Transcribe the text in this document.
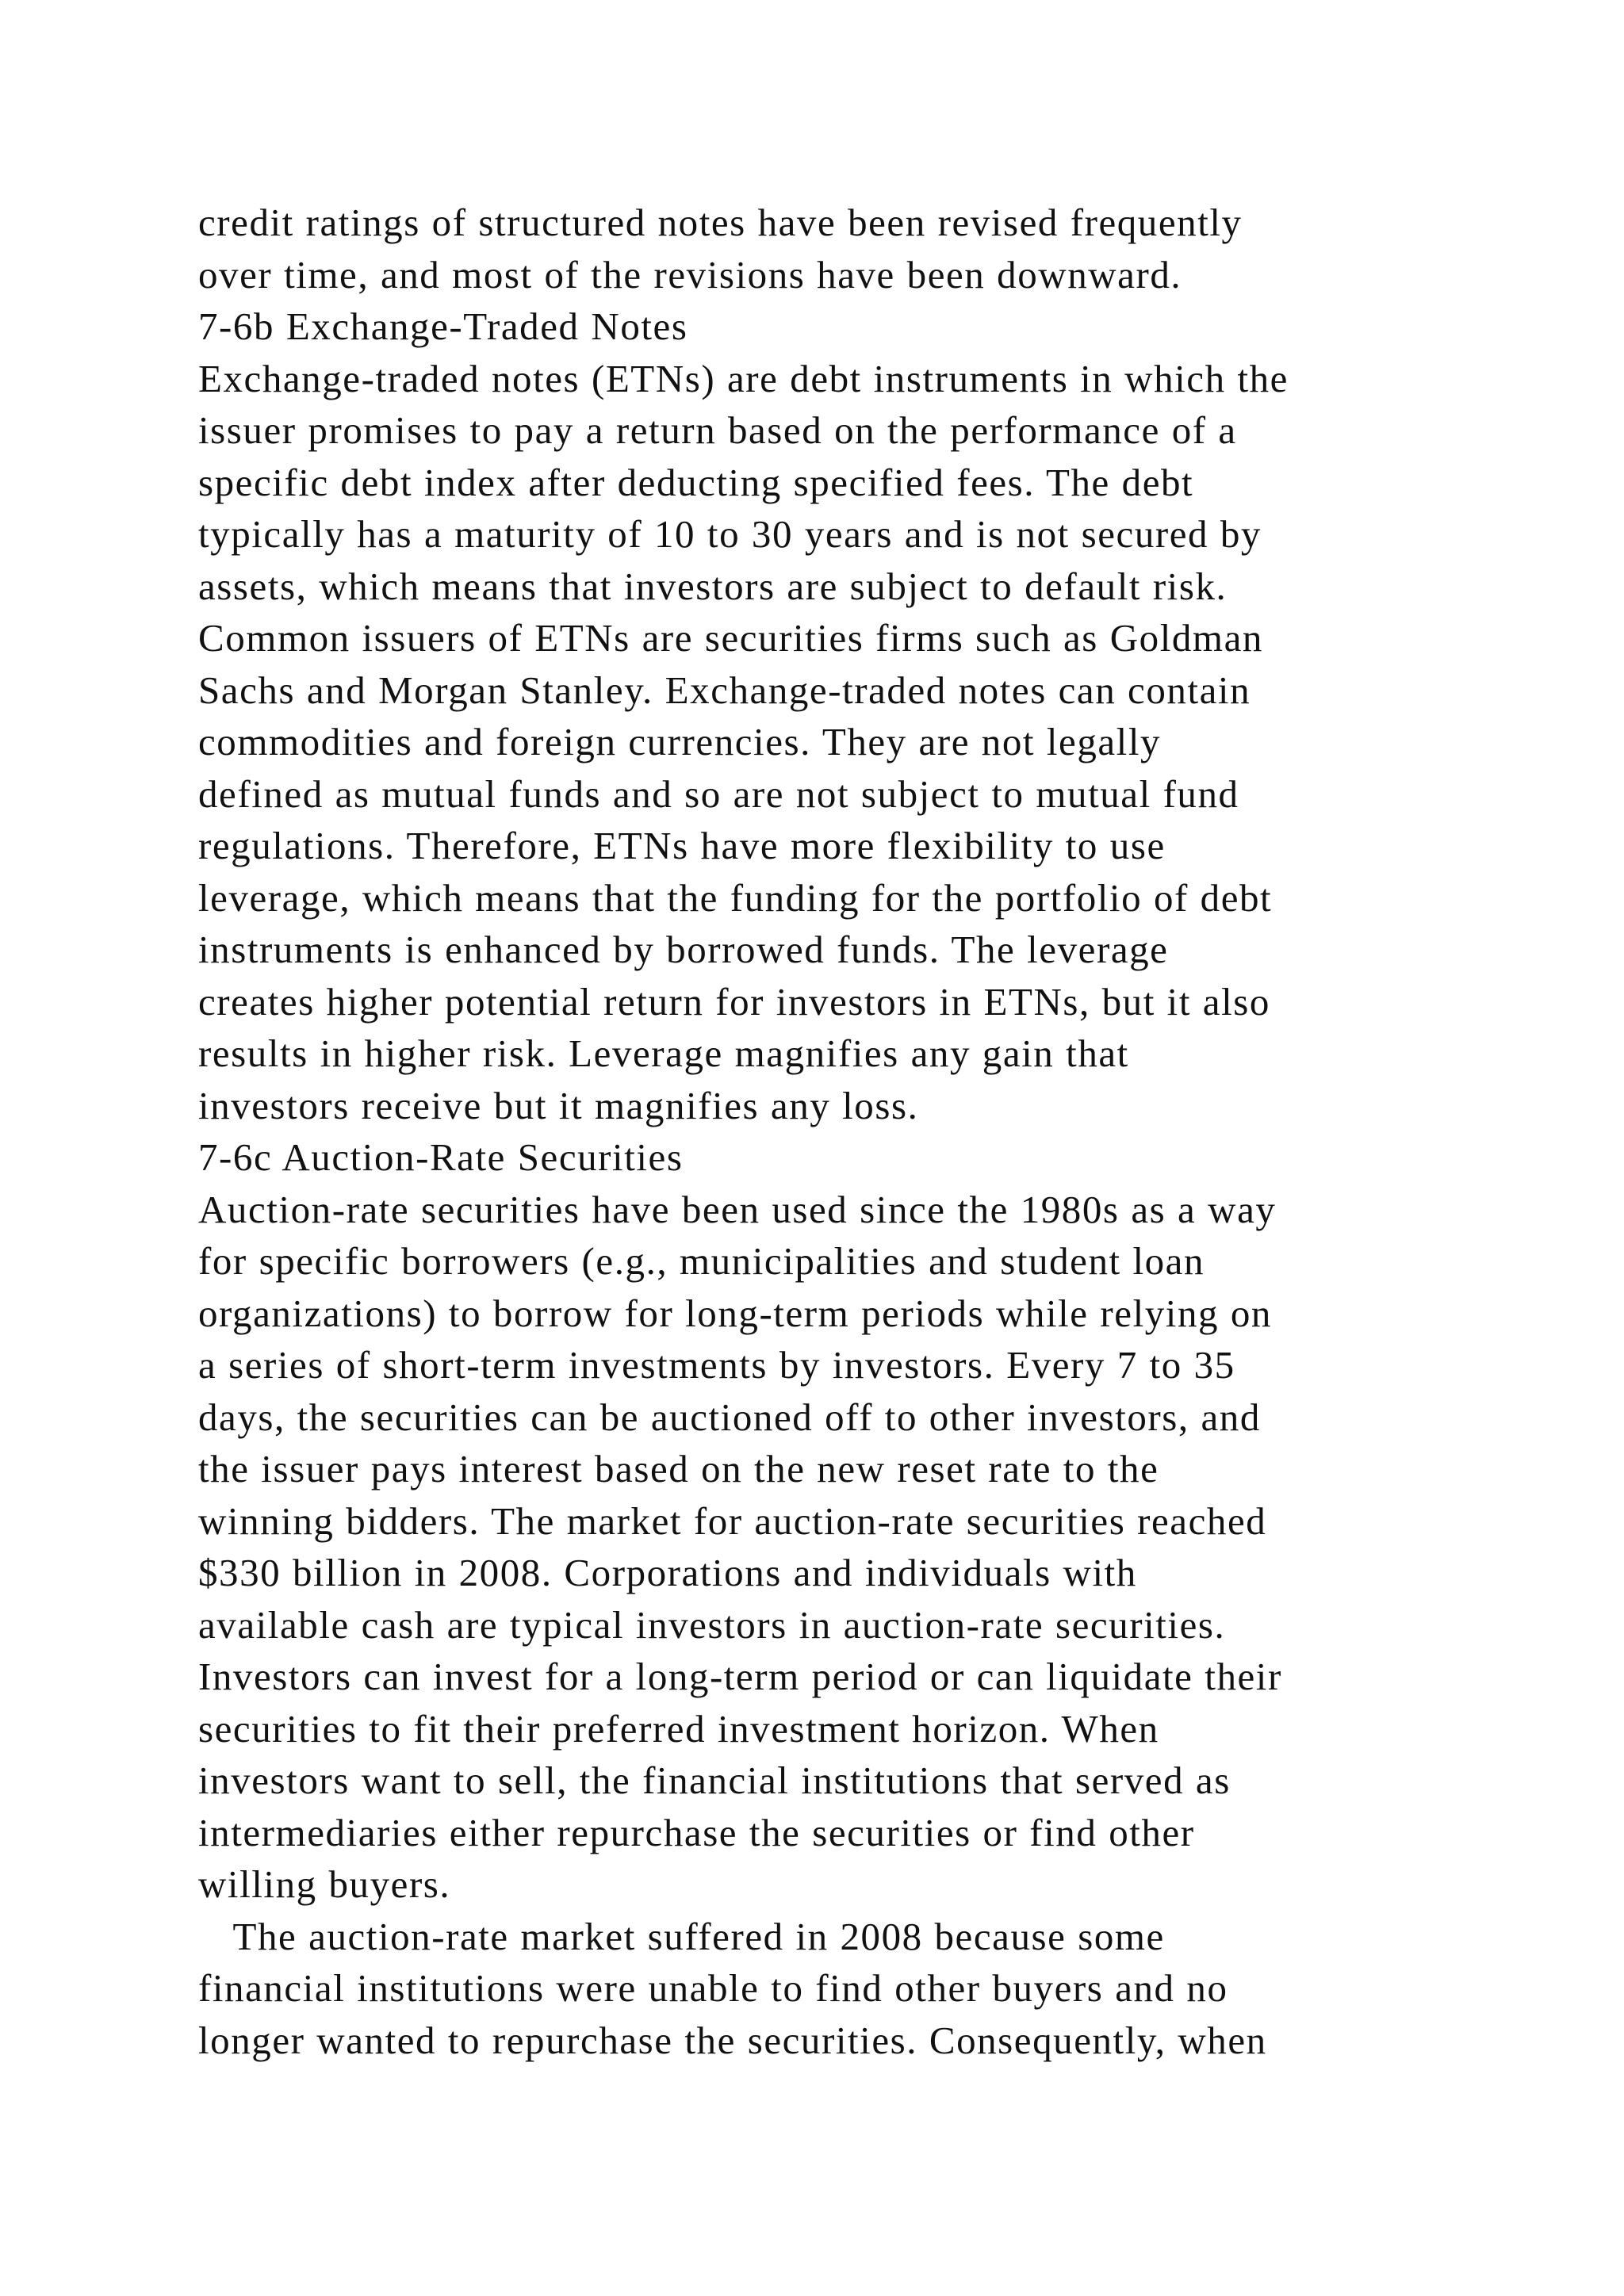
credit ratings of structured notes have been revised frequently
over time, and most of the revisions have been downward.
7-6b Exchange-Traded Notes
Exchange-traded notes (ETNs) are debt instruments in which the
issuer promises to pay a return based on the performance of a
specific debt index after deducting specified fees. The debt
typically has a maturity of 10 to 30 years and is not secured by
assets, which means that investors are subject to default risk.
Common issuers of ETNs are securities firms such as Goldman
Sachs and Morgan Stanley. Exchange-traded notes can contain
commodities and foreign currencies. They are not legally
defined as mutual funds and so are not subject to mutual fund
regulations. Therefore, ETNs have more flexibility to use
leverage, which means that the funding for the portfolio of debt
instruments is enhanced by borrowed funds. The leverage
creates higher potential return for investors in ETNs, but it also
results in higher risk. Leverage magnifies any gain that
investors receive but it magnifies any loss.
7-6c Auction-Rate Securities
Auction-rate securities have been used since the 1980s as a way
for specific borrowers (e.g., municipalities and student loan
organizations) to borrow for long-term periods while relying on
a series of short-term investments by investors. Every 7 to 35
days, the securities can be auctioned off to other investors, and
the issuer pays interest based on the new reset rate to the
winning bidders. The market for auction-rate securities reached
$330 billion in 2008. Corporations and individuals with
available cash are typical investors in auction-rate securities.
Investors can invest for a long-term period or can liquidate their
securities to fit their preferred investment horizon. When
investors want to sell, the financial institutions that served as
intermediaries either repurchase the securities or find other
willing buyers.
The auction-rate market suffered in 2008 because some
financial institutions were unable to find other buyers and no
longer wanted to repurchase the securities. Consequently, when
